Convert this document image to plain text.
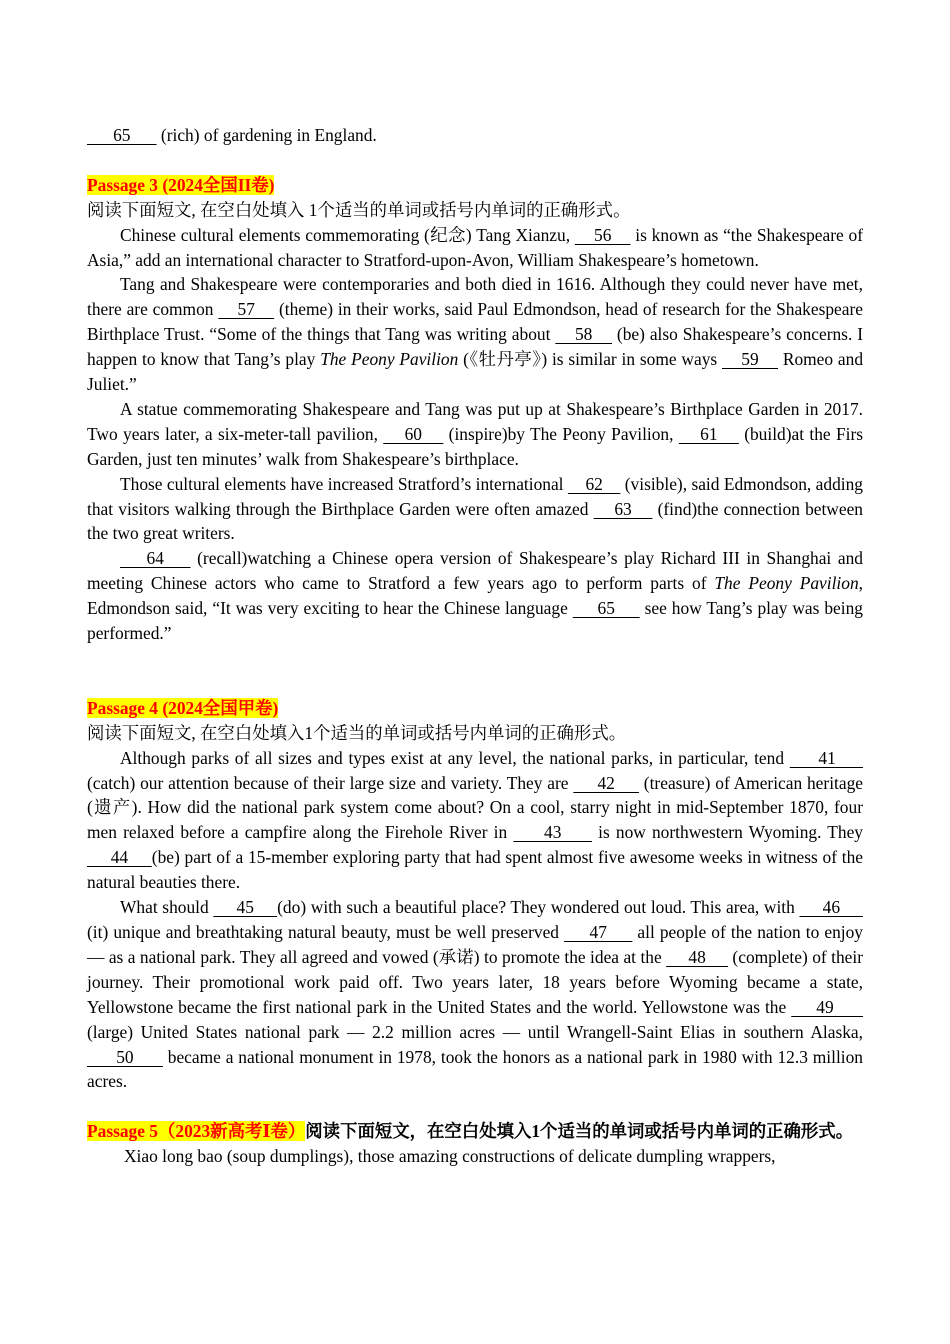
65       (rich) of gardening in England.

Passage 3 (2024全国II卷)

阅读下面短文, 在空白处填入 1个适当的单词或括号内单词的正确形式。

Chinese cultural elements commemorating (纪念) Tang Xianzu,     56     is known as “the Shakespeare of Asia,” add an international character to Stratford-upon-Avon, William Shakespeare’s hometown.

Tang and Shakespeare were contemporaries and both died in 1616. Although they could never have met, there are common     57     (theme) in their works, said Paul Edmondson, head of research for the Shakespeare Birthplace Trust. “Some of the things that Tang was writing about     58     (be) also Shakespeare’s concerns. I happen to know that Tang’s play The Peony Pavilion (《牡丹亭》) is similar in some ways     59     Romeo and Juliet.”

A statue commemorating Shakespeare and Tang was put up at Shakespeare’s Birthplace Garden in 2017. Two years later, a six-meter-tall pavilion,     60     (inspire)by The Peony Pavilion,     61     (build)at the Firs Garden, just ten minutes’ walk from Shakespeare’s birthplace.

Those cultural elements have increased Stratford’s international     62     (visible), said Edmondson, adding that visitors walking through the Birthplace Garden were often amazed     63     (find)the connection between the two great writers.

64     (recall)watching a Chinese opera version of Shakespeare’s play Richard III in Shanghai and meeting Chinese actors who came to Stratford a few years ago to perform parts of The Peony Pavilion, Edmondson said, “It was very exciting to hear the Chinese language      65      see how Tang’s play was being performed.”

Passage 4 (2024全国甲卷)

阅读下面短文, 在空白处填入1个适当的单词或括号内单词的正确形式。

Although parks of all sizes and types exist at any level, the national parks, in particular, tend      41      (catch) our attention because of their large size and variety. They are      42      (treasure) of American heritage (遗产). How did the national park system come about? On a cool, starry night in mid-September 1870, four men relaxed before a campfire along the Firehole River in      43      is now northwestern Wyoming. They      44     (be) part of a 15-member exploring party that had spent almost five awesome weeks in witness of the natural beauties there.

What should      45     (do) with such a beautiful place? They wondered out loud. This area, with      46      (it) unique and breathtaking natural beauty, must be well preserved      47      all people of the nation to enjoy — as a national park. They all agreed and vowed (承诺) to promote the idea at the      48      (complete) of their journey. Their promotional work paid off. Two years later, 18 years before Wyoming became a state, Yellowstone became the first national park in the United States and the world. Yellowstone was the      49       (large) United States national park — 2.2 million acres — until Wrangell-Saint Elias in southern Alaska,       50       became a national monument in 1978, took the honors as a national park in 1980 with 12.3 million acres.

Passage 5（2023新高考Ⅰ卷）阅读下面短文，在空白处填入1个适当的单词或括号内单词的正确形式。

Xiao long bao (soup dumplings), those amazing constructions of delicate dumpling wrappers,
